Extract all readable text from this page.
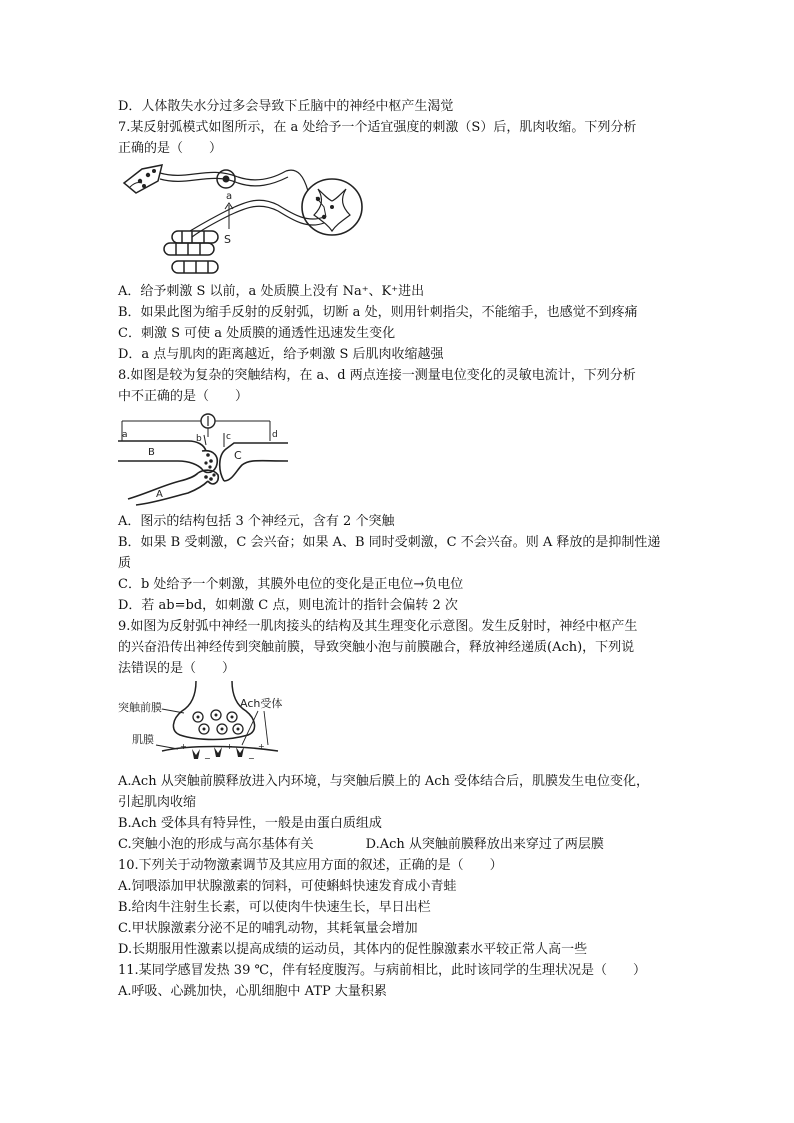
D．人体散失水分过多会导致下丘脑中的神经中枢产生渴觉
7.某反射弧模式如图所示，在 a 处给予一个适宜强度的刺激（S）后，肌肉收缩。下列分析
正确的是（　　）
a
S
A．给予刺激 S 以前，a 处质膜上没有 Na⁺、K⁺进出
B．如果此图为缩手反射的反射弧，切断 a 处，则用针刺指尖，不能缩手，也感觉不到疼痛
C．刺激 S 可使 a 处质膜的通透性迅速发生变化
D．a 点与肌肉的距离越近，给予刺激 S 后肌肉收缩越强
8.如图是较为复杂的突触结构，在 a、d 两点连接一测量电位变化的灵敏电流计，下列分析
中不正确的是（　　）
a	b	c	d
B	C
A
A．图示的结构包括 3 个神经元，含有 2 个突触
B．如果 B 受刺激，C 会兴奋；如果 A、B 同时受刺激，C 不会兴奋。则 A 释放的是抑制性递
质
C．b 处给予一个刺激，其膜外电位的变化是正电位→负电位
D．若 ab=bd，如刺激 C 点，则电流计的指针会偏转 2 次
9.如图为反射弧中神经一肌肉接头的结构及其生理变化示意图。发生反射时，神经中枢产生
的兴奋沿传出神经传到突触前膜，导致突触小泡与前膜融合，释放神经递质(Ach)，下列说
法错误的是（　　）
+
−
+
−
+
突触前膜	Ach受体
肌膜
A.Ach 从突触前膜释放进入内环境，与突触后膜上的 Ach 受体结合后，肌膜发生电位变化，
引起肌肉收缩
B.Ach 受体具有特异性，一般是由蛋白质组成
C.突触小泡的形成与高尔基体有关	D.Ach 从突触前膜释放出来穿过了两层膜
10.下列关于动物激素调节及其应用方面的叙述，正确的是（　　）
A.饲喂添加甲状腺激素的饲料，可使蝌蚪快速发育成小青蛙
B.给肉牛注射生长素，可以使肉牛快速生长，早日出栏
C.甲状腺激素分泌不足的哺乳动物，其耗氧量会增加
D.长期服用性激素以提高成绩的运动员，其体内的促性腺激素水平较正常人高一些
11.某同学感冒发热 39 ℃，伴有轻度腹泻。与病前相比，此时该同学的生理状况是（　　）
A.呼吸、心跳加快，心肌细胞中 ATP 大量积累
